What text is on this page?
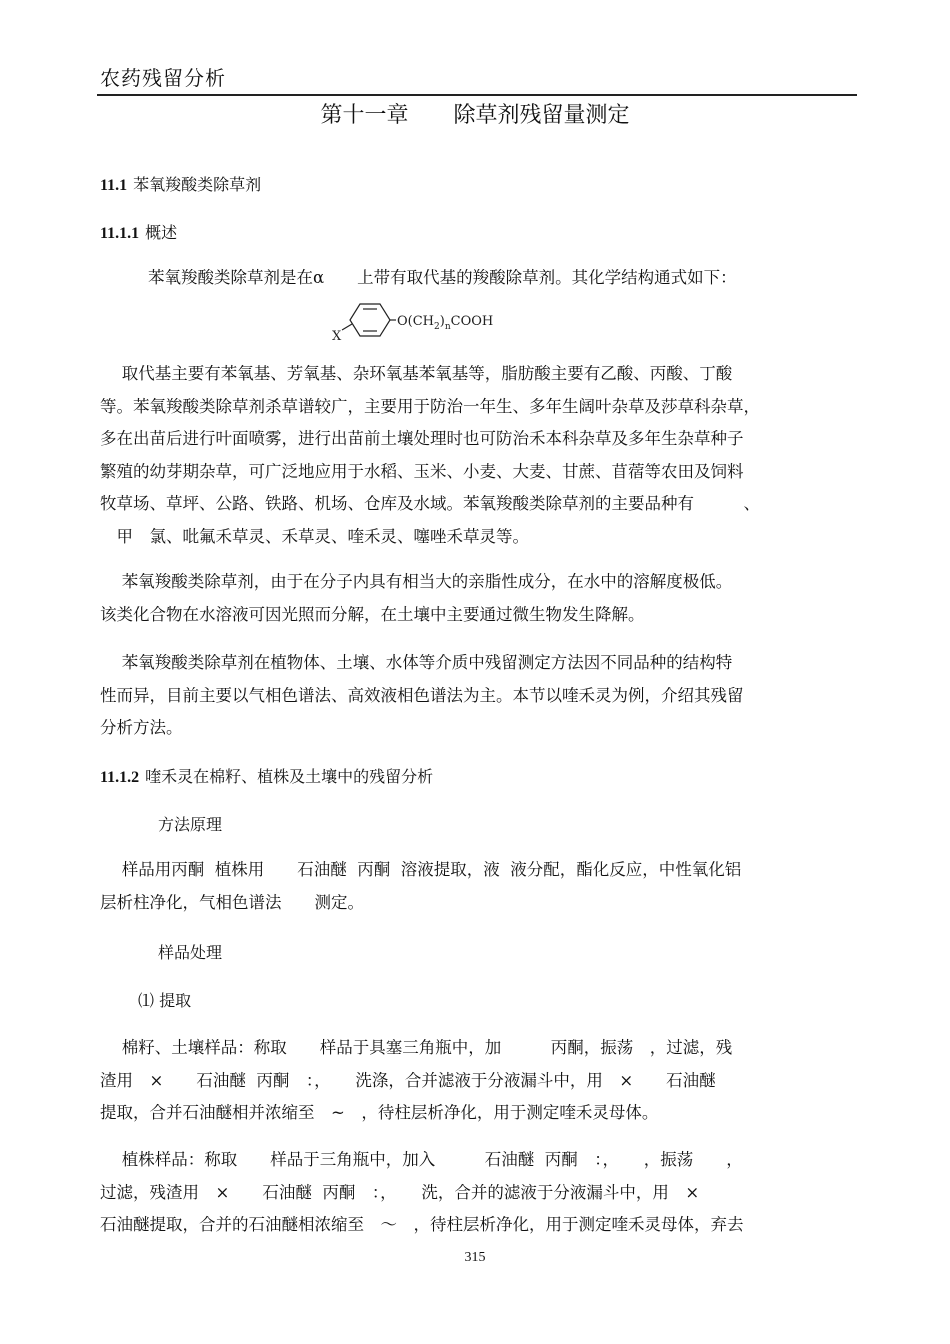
农药残留分析
第十一章 除草剂残留量测定
11.1 苯氧羧酸类除草剂
11.1.1 概述
苯氧羧酸类除草剂是在α　　上带有取代基的羧酸除草剂。其化学结构通式如下：
X
$O(CH_2)_nCOOH$
　 取代基主要有苯氧基、芳氧基、杂环氧基苯氧基等，脂肪酸主要有乙酸、丙酸、丁酸
等。苯氧羧酸类除草剂杀草谱较广，主要用于防治一年生、多年生阔叶杂草及莎草科杂草，
多在出苗后进行叶面喷雾，进行出苗前土壤处理时也可防治禾本科杂草及多年生杂草种子
繁殖的幼芽期杂草，可广泛地应用于水稻、玉米、小麦、大麦、甘蔗、苜蓿等农田及饲料
牧草场、草坪、公路、铁路、机场、仓库及水域。苯氧羧酸类除草剂的主要品种有　　　、
　甲　氯、吡氟禾草灵、禾草灵、喹禾灵、噻唑禾草灵等。
　 苯氧羧酸类除草剂，由于在分子内具有相当大的亲脂性成分，在水中的溶解度极低。
该类化合物在水溶液可因光照而分解，在土壤中主要通过微生物发生降解。
　 苯氧羧酸类除草剂在植物体、土壤、水体等介质中残留测定方法因不同品种的结构特
性而异，目前主要以气相色谱法、高效液相色谱法为主。本节以喹禾灵为例，介绍其残留
分析方法。
11.1.2 喹禾灵在棉籽、植株及土壤中的残留分析
方法原理
　 样品用丙酮  植株用　　石油醚  丙酮  溶液提取，液  液分配，酯化反应，中性氧化铝
层析柱净化，气相色谱法　　测定。
样品处理
⑴ 提取
　 棉籽、土壤样品：称取　　样品于具塞三角瓶中，加　　　丙酮，振荡　，过滤，残
渣用　×　　石油醚  丙酮　：，　　洗涤，合并滤液于分液漏斗中，用　×　　石油醚
提取，合并石油醚相并浓缩至　~　，待柱层析净化，用于测定喹禾灵母体。
　 植株样品：称取　　样品于三角瓶中，加入　　　石油醚  丙酮　：，　　，振荡　　，
过滤，残渣用　×　　石油醚  丙酮　：，　　洗，合并的滤液于分液漏斗中，用　×
石油醚提取，合并的石油醚相浓缩至　～　，待柱层析净化，用于测定喹禾灵母体，弃去
315
